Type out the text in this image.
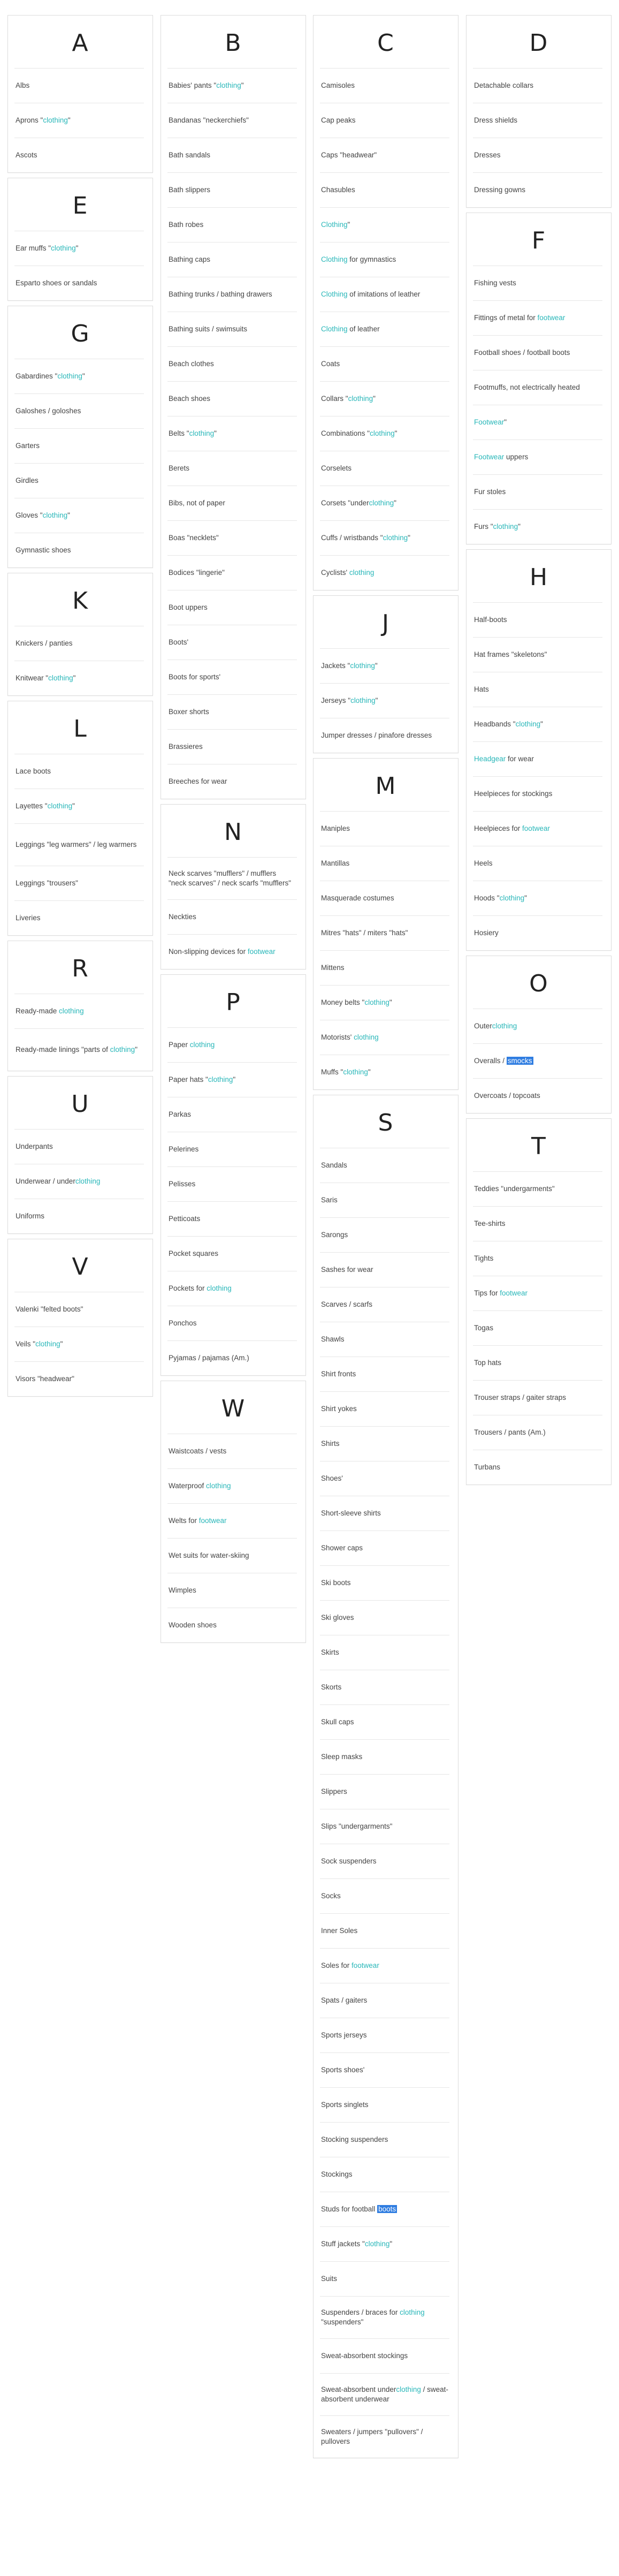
A
Albs
Aprons "clothing"
Ascots
E
Ear muffs "clothing"
Esparto shoes or sandals
G
Gabardines "clothing"
Galoshes / goloshes
Garters
Girdles
Gloves "clothing"
Gymnastic shoes
K
Knickers / panties
Knitwear "clothing"
L
Lace boots
Layettes "clothing"
Leggings "leg warmers" / leg warmers
Leggings "trousers"
Liveries
R
Ready-made clothing
Ready-made linings "parts of clothing"
U
Underpants
Underwear / underclothing
Uniforms
V
Valenki "felted boots"
Veils "clothing"
Visors "headwear"
B
Babies' pants "clothing"
Bandanas "neckerchiefs"
Bath sandals
Bath slippers
Bath robes
Bathing caps
Bathing trunks / bathing drawers
Bathing suits / swimsuits
Beach clothes
Beach shoes
Belts "clothing"
Berets
Bibs, not of paper
Boas "necklets"
Bodices "lingerie"
Boot uppers
Boots'
Boots for sports'
Boxer shorts
Brassieres
Breeches for wear
N
Neck scarves "mufflers" / mufflers "neck scarves" / neck scarfs "mufflers"
Neckties
Non-slipping devices for footwear
P
Paper clothing
Paper hats "clothing"
Parkas
Pelerines
Pelisses
Petticoats
Pocket squares
Pockets for clothing
Ponchos
Pyjamas / pajamas (Am.)
W
Waistcoats / vests
Waterproof clothing
Welts for footwear
Wet suits for water-skiing
Wimples
Wooden shoes
C
Camisoles
Cap peaks
Caps "headwear"
Chasubles
Clothing"
Clothing for gymnastics
Clothing of imitations of leather
Clothing of leather
Coats
Collars "clothing"
Combinations "clothing"
Corselets
Corsets "underclothing"
Cuffs / wristbands "clothing"
Cyclists' clothing
J
Jackets "clothing"
Jerseys "clothing"
Jumper dresses / pinafore dresses
M
Maniples
Mantillas
Masquerade costumes
Mitres "hats" / miters "hats"
Mittens
Money belts "clothing"
Motorists' clothing
Muffs "clothing"
S
Sandals
Saris
Sarongs
Sashes for wear
Scarves / scarfs
Shawls
Shirt fronts
Shirt yokes
Shirts
Shoes'
Short-sleeve shirts
Shower caps
Ski boots
Ski gloves
Skirts
Skorts
Skull caps
Sleep masks
Slippers
Slips "undergarments"
Sock suspenders
Socks
Inner Soles
Soles for footwear
Spats / gaiters
Sports jerseys
Sports shoes'
Sports singlets
Stocking suspenders
Stockings
Studs for football boots
Stuff jackets "clothing"
Suits
Suspenders / braces for clothing "suspenders"
Sweat-absorbent stockings
Sweat-absorbent underclothing / sweat-absorbent underwear
Sweaters / jumpers "pullovers" / pullovers
D
Detachable collars
Dress shields
Dresses
Dressing gowns
F
Fishing vests
Fittings of metal for footwear
Football shoes / football boots
Footmuffs, not electrically heated
Footwear"
Footwear uppers
Fur stoles
Furs "clothing"
H
Half-boots
Hat frames "skeletons"
Hats
Headbands "clothing"
Headgear for wear
Heelpieces for stockings
Heelpieces for footwear
Heels
Hoods "clothing"
Hosiery
O
Outerclothing
Overalls / smocks
Overcoats / topcoats
T
Teddies "undergarments"
Tee-shirts
Tights
Tips for footwear
Togas
Top hats
Trouser straps / gaiter straps
Trousers / pants (Am.)
Turbans
